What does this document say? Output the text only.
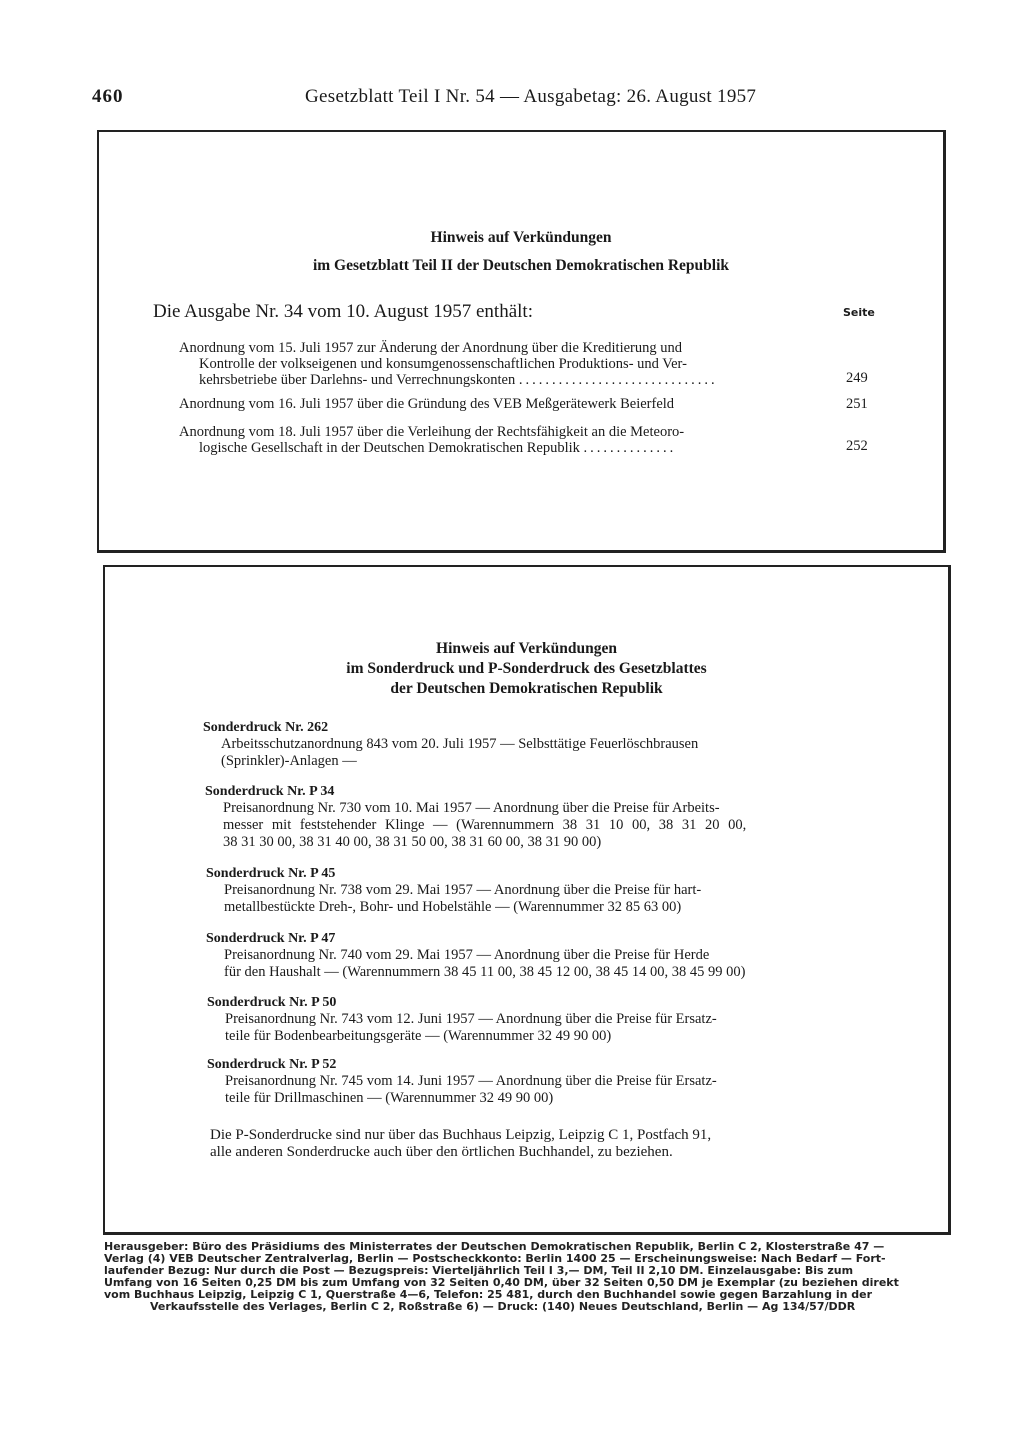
460	Gesetzblatt Teil I Nr. 54 — Ausgabetag: 26. August 1957
Hinweis auf Verkündungen
im Gesetzblatt Teil II der Deutschen Demokratischen Republik
Die Ausgabe Nr. 34 vom 10. August 1957 enthält:	Seite
Anordnung vom 15. Juli 1957 zur Änderung der Anordnung über die Kreditierung und
Kontrolle der volkseigenen und konsumgenossenschaftlichen Produktions- und Ver-
kehrsbetriebe über Darlehns- und Verrechnungskonten ..............................	249
Anordnung vom 16. Juli 1957 über die Gründung des VEB Meßgerätewerk Beierfeld	251
Anordnung vom 18. Juli 1957 über die Verleihung der Rechtsfähigkeit an die Meteoro-
logische Gesellschaft in der Deutschen Demokratischen Republik ..............	252
Hinweis auf Verkündungen
im Sonderdruck und P-Sonderdruck des Gesetzblattes
der Deutschen Demokratischen Republik
Sonderdruck Nr. 262
Arbeitsschutzanordnung 843 vom 20. Juli 1957 — Selbsttätige Feuerlöschbrausen
(Sprinkler)-Anlagen —
Sonderdruck Nr. P 34
Preisanordnung Nr. 730 vom 10. Mai 1957 — Anordnung über die Preise für Arbeits-
messer mit feststehender Klinge — (Warennummern 38 31 10 00, 38 31 20 00,
38 31 30 00, 38 31 40 00, 38 31 50 00, 38 31 60 00, 38 31 90 00)
Sonderdruck Nr. P 45
Preisanordnung Nr. 738 vom 29. Mai 1957 — Anordnung über die Preise für hart-
metallbestückte Dreh-, Bohr- und Hobelstähle — (Warennummer 32 85 63 00)
Sonderdruck Nr. P 47
Preisanordnung Nr. 740 vom 29. Mai 1957 — Anordnung über die Preise für Herde
für den Haushalt — (Warennummern 38 45 11 00, 38 45 12 00, 38 45 14 00, 38 45 99 00)
Sonderdruck Nr. P 50
Preisanordnung Nr. 743 vom 12. Juni 1957 — Anordnung über die Preise für Ersatz-
teile für Bodenbearbeitungsgeräte — (Warennummer 32 49 90 00)
Sonderdruck Nr. P 52
Preisanordnung Nr. 745 vom 14. Juni 1957 — Anordnung über die Preise für Ersatz-
teile für Drillmaschinen — (Warennummer 32 49 90 00)
Die P-Sonderdrucke sind nur über das Buchhaus Leipzig, Leipzig C 1, Postfach 91,
alle anderen Sonderdrucke auch über den örtlichen Buchhandel, zu beziehen.
Herausgeber: Büro des Präsidiums des Ministerrates der Deutschen Demokratischen Republik, Berlin C 2, Klosterstraße 47 —
Verlag (4) VEB Deutscher Zentralverlag, Berlin — Postscheckkonto: Berlin 1400 25 — Erscheinungsweise: Nach Bedarf — Fort-
laufender Bezug: Nur durch die Post — Bezugspreis: Vierteljährlich Teil I 3,— DM, Teil II 2,10 DM. Einzelausgabe: Bis zum
Umfang von 16 Seiten 0,25 DM bis zum Umfang von 32 Seiten 0,40 DM, über 32 Seiten 0,50 DM je Exemplar (zu beziehen direkt
vom Buchhaus Leipzig, Leipzig C 1, Querstraße 4—6, Telefon: 25 481, durch den Buchhandel sowie gegen Barzahlung in der
Verkaufsstelle des Verlages, Berlin C 2, Roßstraße 6) — Druck: (140) Neues Deutschland, Berlin — Ag 134/57/DDR
